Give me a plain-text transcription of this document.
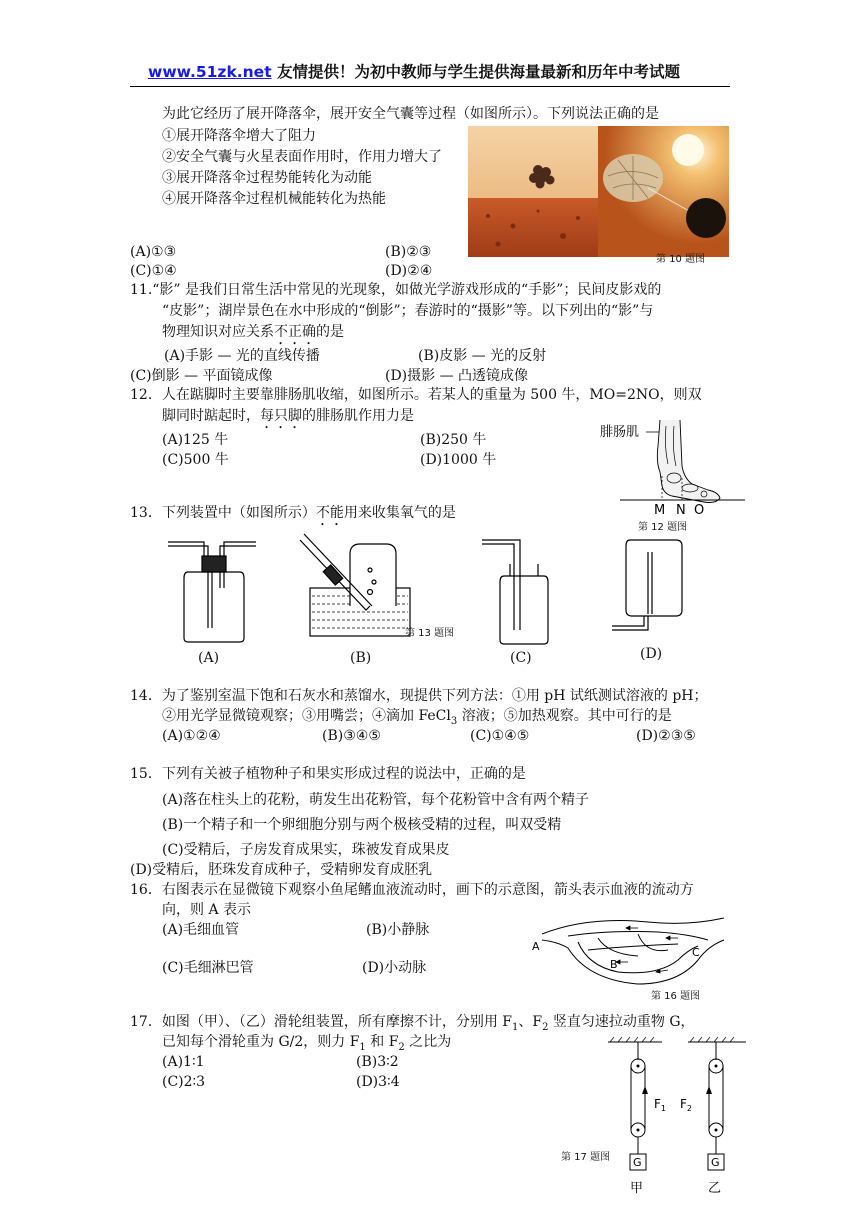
www.51zk.net 友情提供！为初中教师与学生提供海量最新和历年中考试题
为此它经历了展开降落伞，展开安全气囊等过程（如图所示）。下列说法正确的是
①展开降落伞增大了阻力
②安全气囊与火星表面作用时，作用力增大了
③展开降落伞过程势能转化为动能
④展开降落伞过程机械能转化为热能
第 10 题图
(A)①③	(B)②③
(C)①④	(D)②④
11.“影” 是我们日常生活中常见的光现象，如做光学游戏形成的“手影”；民间皮影戏的
“皮影”；湖岸景色在水中形成的“倒影”；春游时的“摄影”等。以下列出的“影”与
物理知识对应关系不正确的是
(A)手影 — 光的直线传播	(B)皮影 — 光的反射
(C)倒影 — 平面镜成像	(D)摄影 — 凸透镜成像
12．人在踮脚时主要靠腓肠肌收缩，如图所示。若某人的重量为 500 牛，MO=2NO，则双
脚同时踮起时，每只脚的腓肠肌作用力是
(A)125 牛	(B)250 牛
(C)500 牛	(D)1000 牛
腓肠肌
M N O
第 12 题图
13．下列装置中（如图所示）不能用来收集氧气的是
第 13 题图
(A)	(B)	(C)	(D)
14．为了鉴别室温下饱和石灰水和蒸馏水，现提供下列方法：①用 pH 试纸测试溶液的 pH；
②用光学显微镜观察；③用嘴尝；④滴加 FeCl$_3$ 溶液；⑤加热观察。其中可行的是
(A)①②④	(B)③④⑤	(C)①④⑤	(D)②③⑤
15．下列有关被子植物种子和果实形成过程的说法中，正确的是
(A)落在柱头上的花粉，萌发生出花粉管，每个花粉管中含有两个精子
(B)一个精子和一个卵细胞分别与两个极核受精的过程，叫双受精
(C)受精后，子房发育成果实，珠被发育成果皮
(D)受精后，胚珠发育成种子，受精卵发育成胚乳
16．右图表示在显微镜下观察小鱼尾鳍血液流动时，画下的示意图，箭头表示血液的流动方
向，则 A 表示
(A)毛细血管	(B)小静脉
(C)毛细淋巴管	(D)小动脉
A
B
C
第 16 题图
17．如图（甲）、（乙）滑轮组装置，所有摩擦不计，分别用 $F_1$、$F_2$ 竖直匀速拉动重物 G，
已知每个滑轮重为 G/2，则力 $F_1$ 和 $F_2$ 之比为
(A)1∶1	(B)3∶2
(C)2∶3	(D)3∶4
$F_1$ $F_2$
G	G
甲	乙
第 17 题图
